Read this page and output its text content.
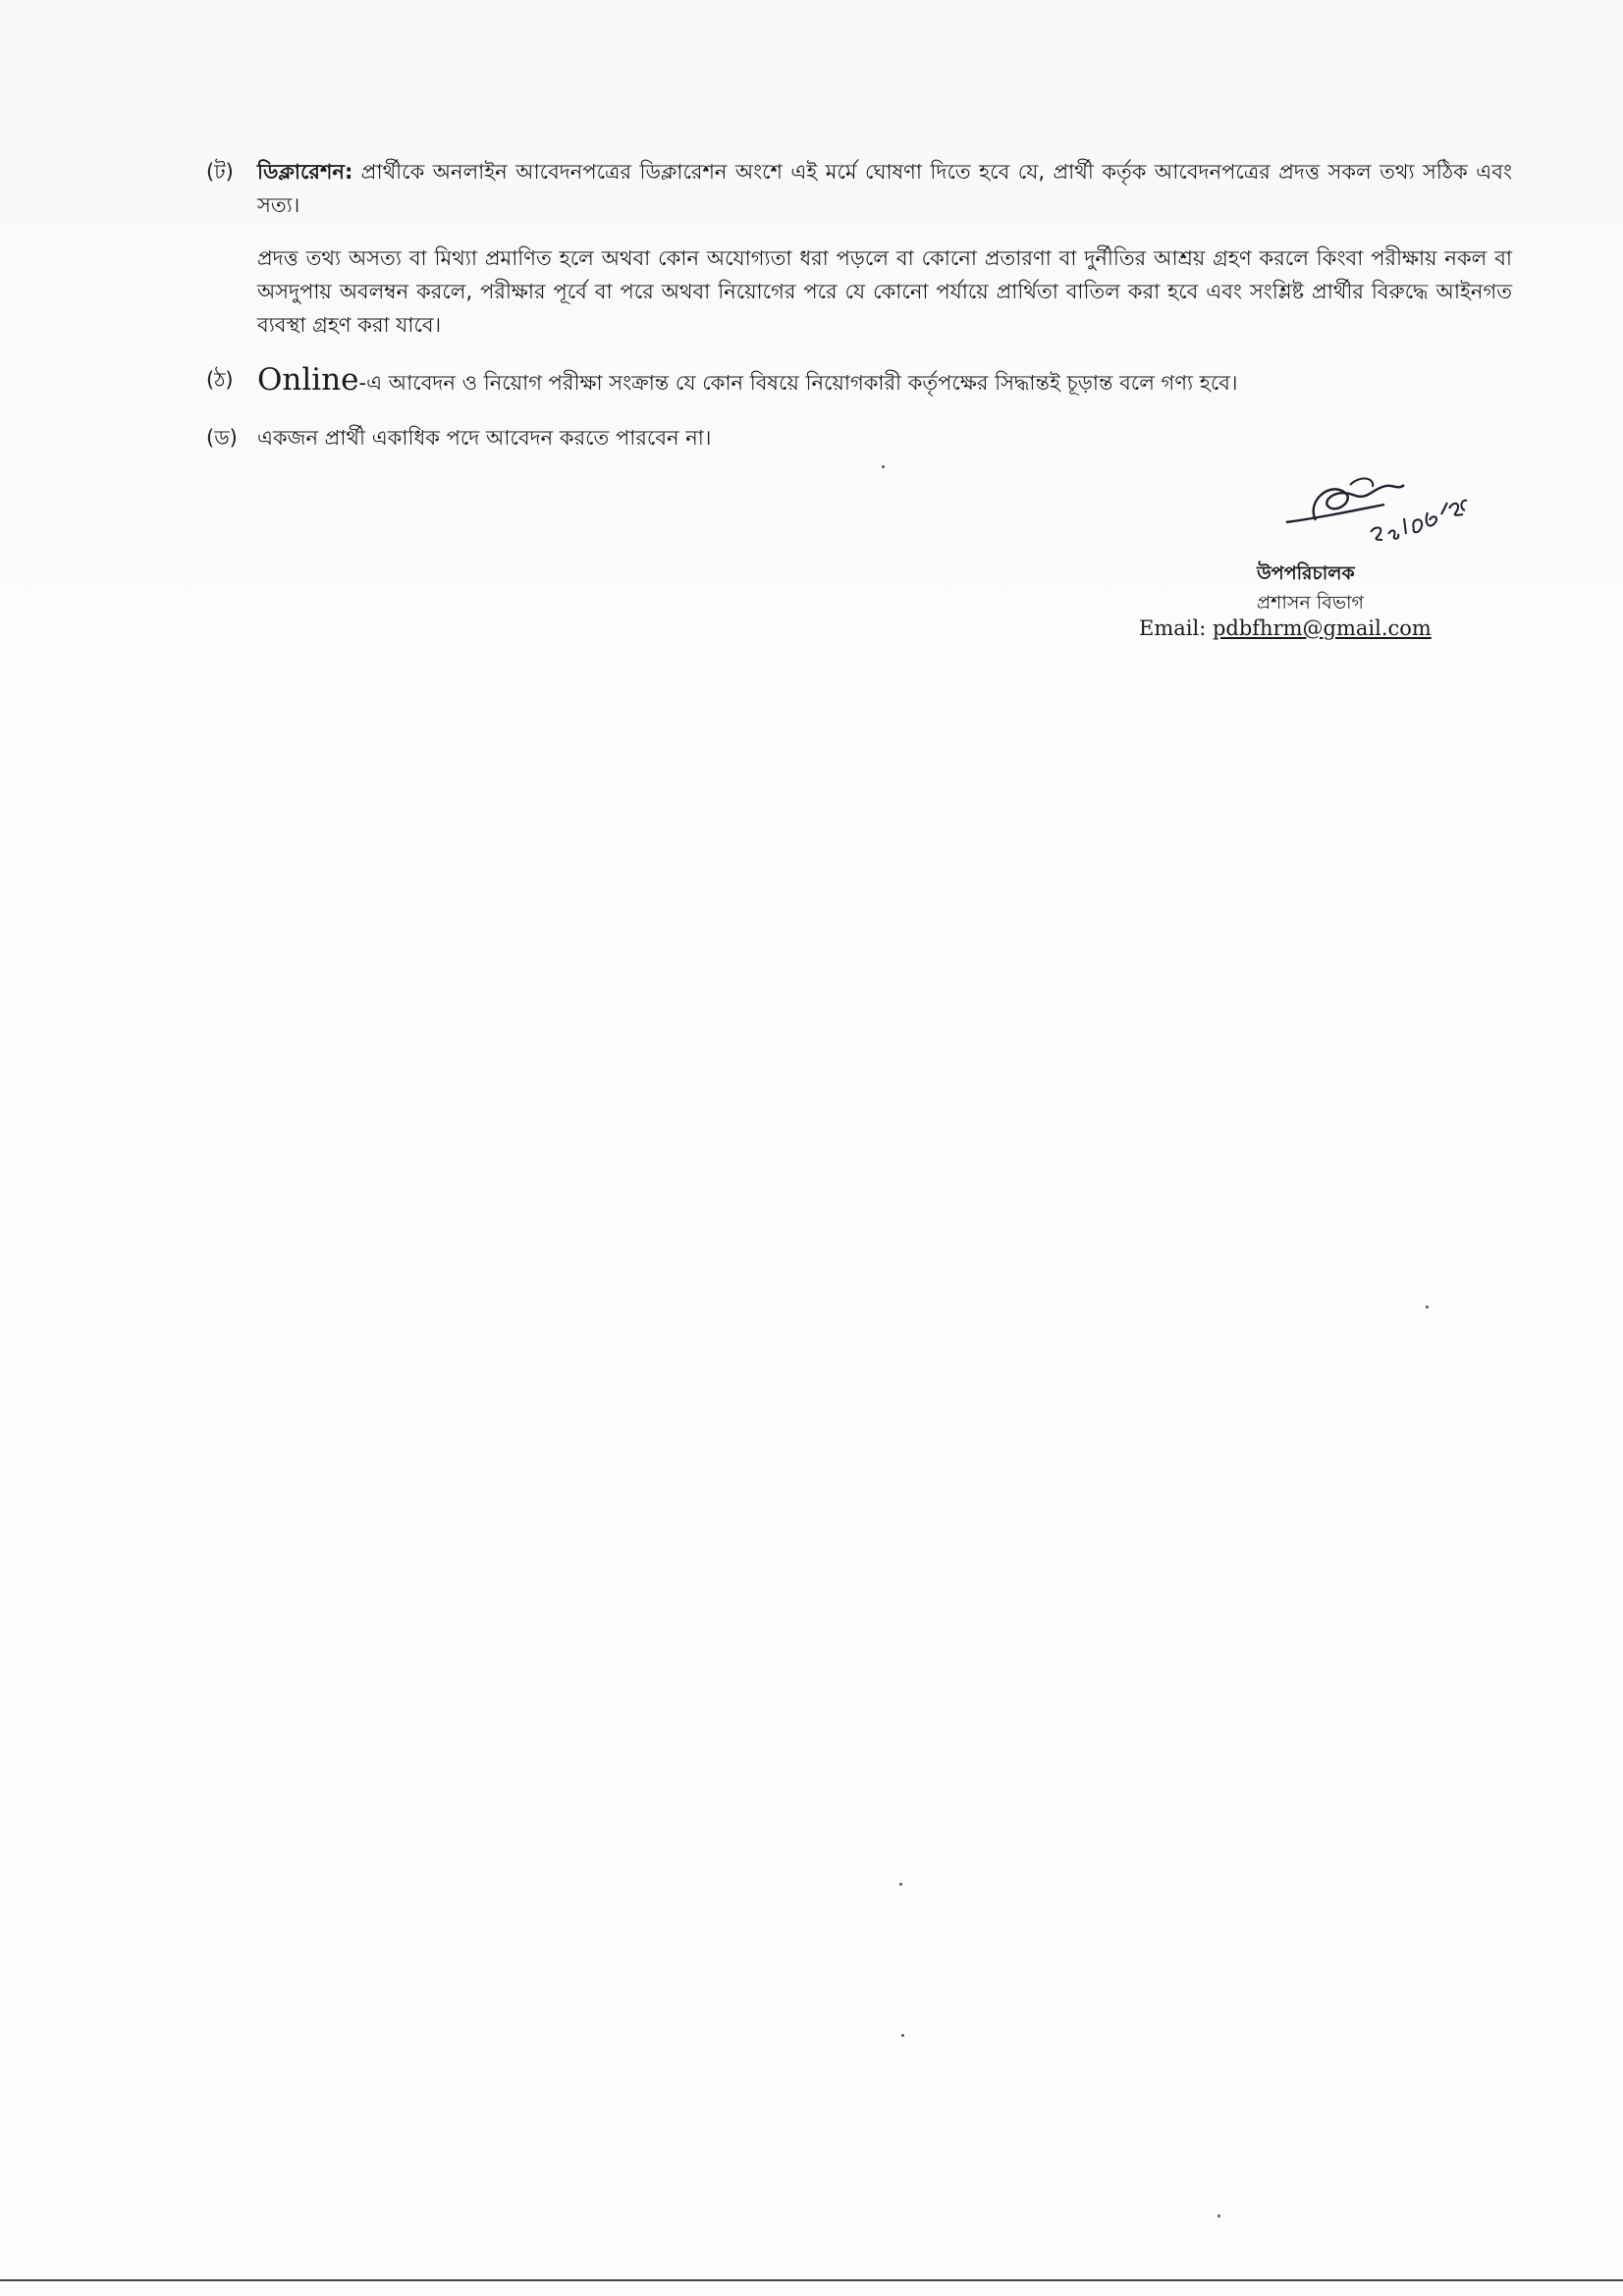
(ট) ডিক্লারেশন: প্রার্থীকে অনলাইন আবেদনপত্রের ডিক্লারেশন অংশে এই মর্মে ঘোষণা দিতে হবে যে, প্রার্থী কর্তৃক আবেদনপত্রের প্রদত্ত সকল তথ্য সঠিক এবং সত্য।

প্রদত্ত তথ্য অসত্য বা মিথ্যা প্রমাণিত হলে অথবা কোন অযোগ্যতা ধরা পড়লে বা কোনো প্রতারণা বা দুর্নীতির আশ্রয় গ্রহণ করলে কিংবা পরীক্ষায় নকল বা অসদুপায় অবলম্বন করলে, পরীক্ষার পূর্বে বা পরে অথবা নিয়োগের পরে যে কোনো পর্যায়ে প্রার্থিতা বাতিল করা হবে এবং সংশ্লিষ্ট প্রার্থীর বিরুদ্ধে আইনগত ব্যবস্থা গ্রহণ করা যাবে।

(ঠ) Online-এ আবেদন ও নিয়োগ পরীক্ষা সংক্রান্ত যে কোন বিষয়ে নিয়োগকারী কর্তৃপক্ষের সিদ্ধান্তই চূড়ান্ত বলে গণ্য হবে।

(ড) একজন প্রার্থী একাধিক পদে আবেদন করতে পারবেন না।

উপপরিচালক
প্রশাসন বিভাগ
Email: pdbfhrm@gmail.com
